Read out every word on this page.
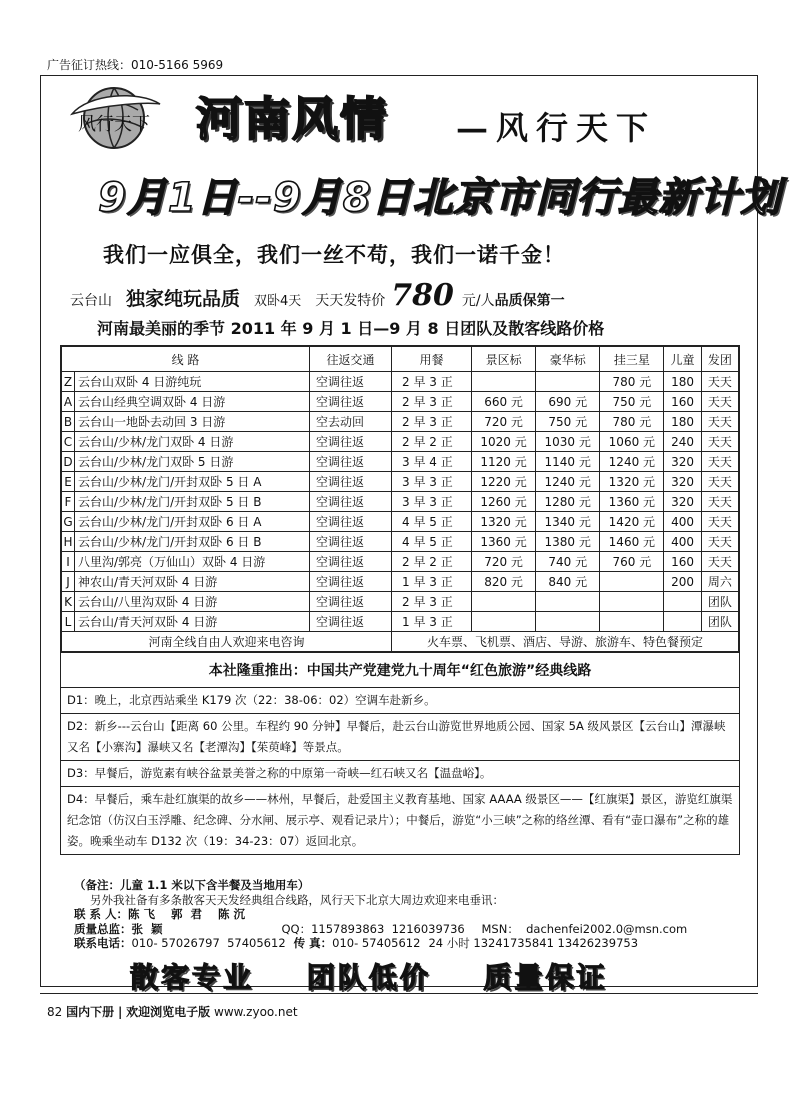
广告征订热线：010-5166 5969
风行天下 河南风情 —风行天下
9月1日--9月8日北京市同行最新计划
我们一应俱全，我们一丝不苟，我们一诺千金！
云台山 独家纯玩品质 双卧4天 天天发特价 780 元/人 品质保第一
河南最美丽的季节 2011 年 9 月 1 日—9 月 8 日团队及散客线路价格
线 路		往返交通	用餐	景区标	豪华标	挂三星	儿童	发团
Z	云台山双卧 4 日游纯玩	空调往返	2 早 3 正			780 元	180	天天
A	云台山经典空调双卧 4 日游	空调往返	2 早 3 正	660 元	690 元	750 元	160	天天
B	云台山一地卧去动回 3 日游	空去动回	2 早 3 正	720 元	750 元	780 元	180	天天
C	云台山/少林/龙门双卧 4 日游	空调往返	2 早 2 正	1020 元	1030 元	1060 元	240	天天
D	云台山/少林/龙门双卧 5 日游	空调往返	3 早 4 正	1120 元	1140 元	1240 元	320	天天
E	云台山/少林/龙门/开封双卧 5 日 A	空调往返	3 早 3 正	1220 元	1240 元	1320 元	320	天天
F	云台山/少林/龙门/开封双卧 5 日 B	空调往返	3 早 3 正	1260 元	1280 元	1360 元	320	天天
G	云台山/少林/龙门/开封双卧 6 日 A	空调往返	4 早 5 正	1320 元	1340 元	1420 元	400	天天
H	云台山/少林/龙门/开封双卧 6 日 B	空调往返	4 早 5 正	1360 元	1380 元	1460 元	400	天天
I	八里沟/郭亮（万仙山）双卧 4 日游	空调往返	2 早 2 正	720 元	740 元	760 元	160	天天
J	神农山/青天河双卧 4 日游	空调往返	1 早 3 正	820 元	840 元		200	周六
K	云台山/八里沟双卧 4 日游	空调往返	2 早 3 正					团队
L	云台山/青天河双卧 4 日游	空调往返	1 早 3 正					团队
河南全线自由人欢迎来电咨询			火车票、飞机票、酒店、导游、旅游车、特色餐预定					
本社隆重推出：中国共产党建党九十周年“红色旅游”经典线路
D1：晚上，北京西站乘坐 K179 次（22：38-06：02）空调车赴新乡。
D2：新乡---云台山【距离 60 公里。车程约 90 分钟】早餐后，赴云台山游览世界地质公园、国家 5A 级风景区【云台山】潭瀑峡又名【小寨沟】瀑峡又名【老潭沟】【茱萸峰】等景点。
D3：早餐后，游览素有峡谷盆景美誉之称的中原第一奇峡—红石峡又名【温盘峪】。
D4：早餐后，乘车赴红旗渠的故乡——林州，早餐后，赴爱国主义教育基地、国家 AAAA 级景区——【红旗渠】景区，游览红旗渠纪念馆（仿汉白玉浮雕、纪念碑、分水闸、展示亭、观看记录片）；中餐后，游览“小三峡”之称的络丝潭、看有“壶口瀑布”之称的雄姿。晚乘坐动车 D132 次（19：34-23：07）返回北京。
（备注：儿童 1.1 米以下含半餐及当地用车）
另外我社备有多条散客天天发经典组合线路，风行天下北京大周边欢迎来电垂讯：
联 系 人： 陈 飞    郭  君    陈 沉
质量总监： 张  颖	QQ：1157893863  1216039736	MSN：  dachenfei2002.0@msn.com
联系电话： 010- 57026797  57405612 传 真： 010- 57405612 24 小时 13241735841 13426239753
散客专业 团队低价 质量保证
82 国内下册 | 欢迎浏览电子版 www.zyoo.net
